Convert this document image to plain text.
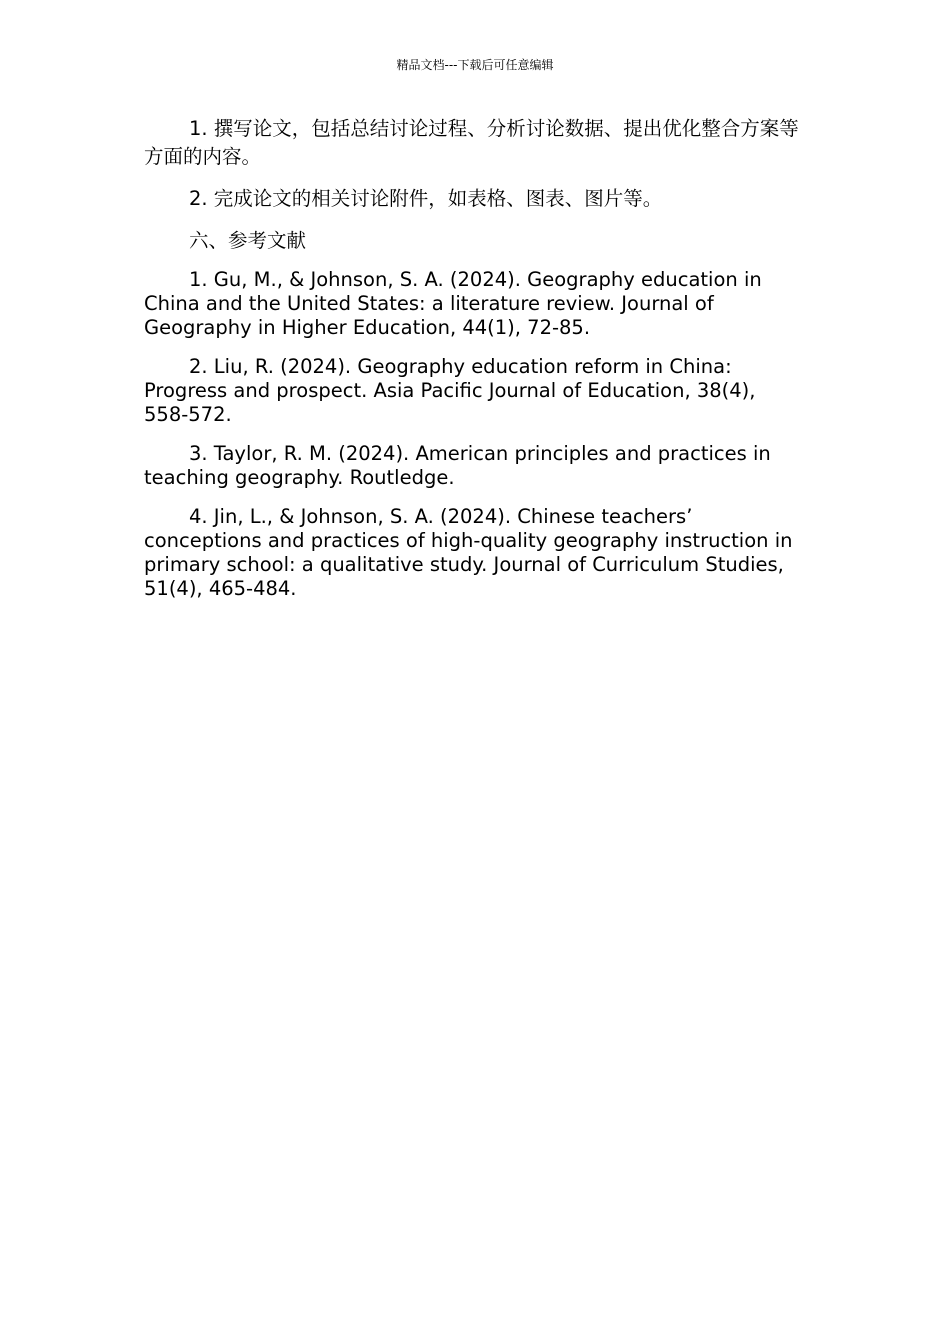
精品文档---下载后可任意编辑

1. 撰写论文，包括总结讨论过程、分析讨论数据、提出优化整合方案等方面的内容。

2. 完成论文的相关讨论附件，如表格、图表、图片等。

六、参考文献

1. Gu, M., & Johnson, S. A. (2024). Geography education in China and the United States: a literature review. Journal of Geography in Higher Education, 44(1), 72-85.

2. Liu, R. (2024). Geography education reform in China: Progress and prospect. Asia Pacific Journal of Education, 38(4), 558-572.

3. Taylor, R. M. (2024). American principles and practices in teaching geography. Routledge.

4. Jin, L., & Johnson, S. A. (2024). Chinese teachers’ conceptions and practices of high-quality geography instruction in primary school: a qualitative study. Journal of Curriculum Studies, 51(4), 465-484.
